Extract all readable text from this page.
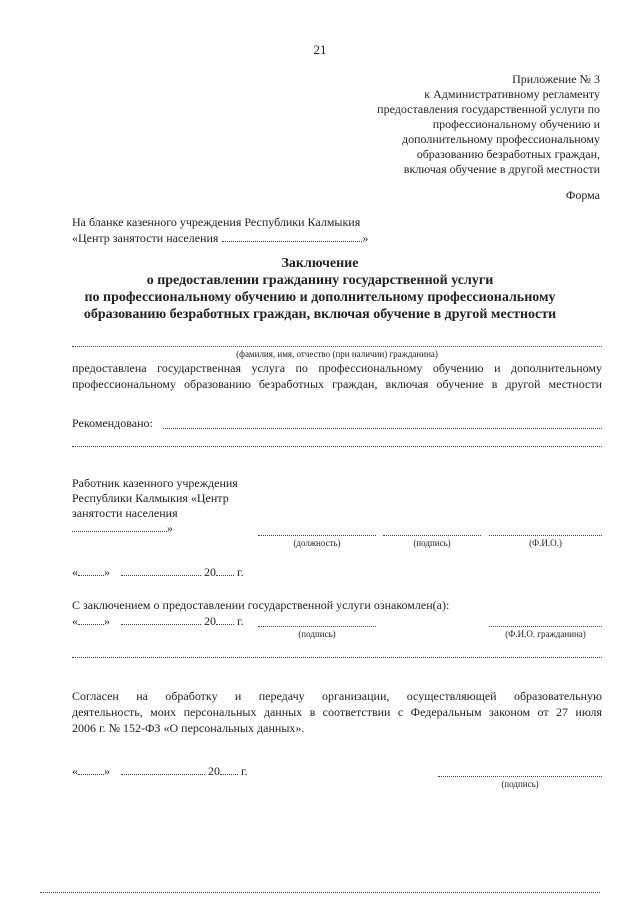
21
Приложение № 3
к Административному регламенту
предоставления государственной услуги по
профессиональному обучению и
дополнительному профессиональному
образованию безработных граждан,
включая обучение в другой местности
Форма
На бланке казенного учреждения Республики Калмыкия
«Центр занятости населения	»
Заключение
о предоставлении гражданину государственной услуги
по профессиональному обучению и дополнительному профессиональному
образованию безработных граждан, включая обучение в другой местности
(фамилия, имя, отчество (при наличии) гражданина)
предоставлена государственная услуга по профессиональному обучению и дополнительному
профессиональному образованию безработных граждан, включая обучение в другой местности
Рекомендовано:
Работник казенного учреждения
Республики Калмыкия «Центр
занятости населения
»
(должность)	(подпись)	(Ф.И.О.)
« »	20 г.
С заключением о предоставлении государственной услуги ознакомлен(а):
« »	20 г.
(подпись)	(Ф.И.О. гражданина)
Согласен на обработку и передачу организации, осуществляющей образовательную
деятельность, моих персональных данных в соответствии с Федеральным законом от 27 июля
2006 г. № 152-ФЗ «О персональных данных».
« »	20 г.
(подпись)
